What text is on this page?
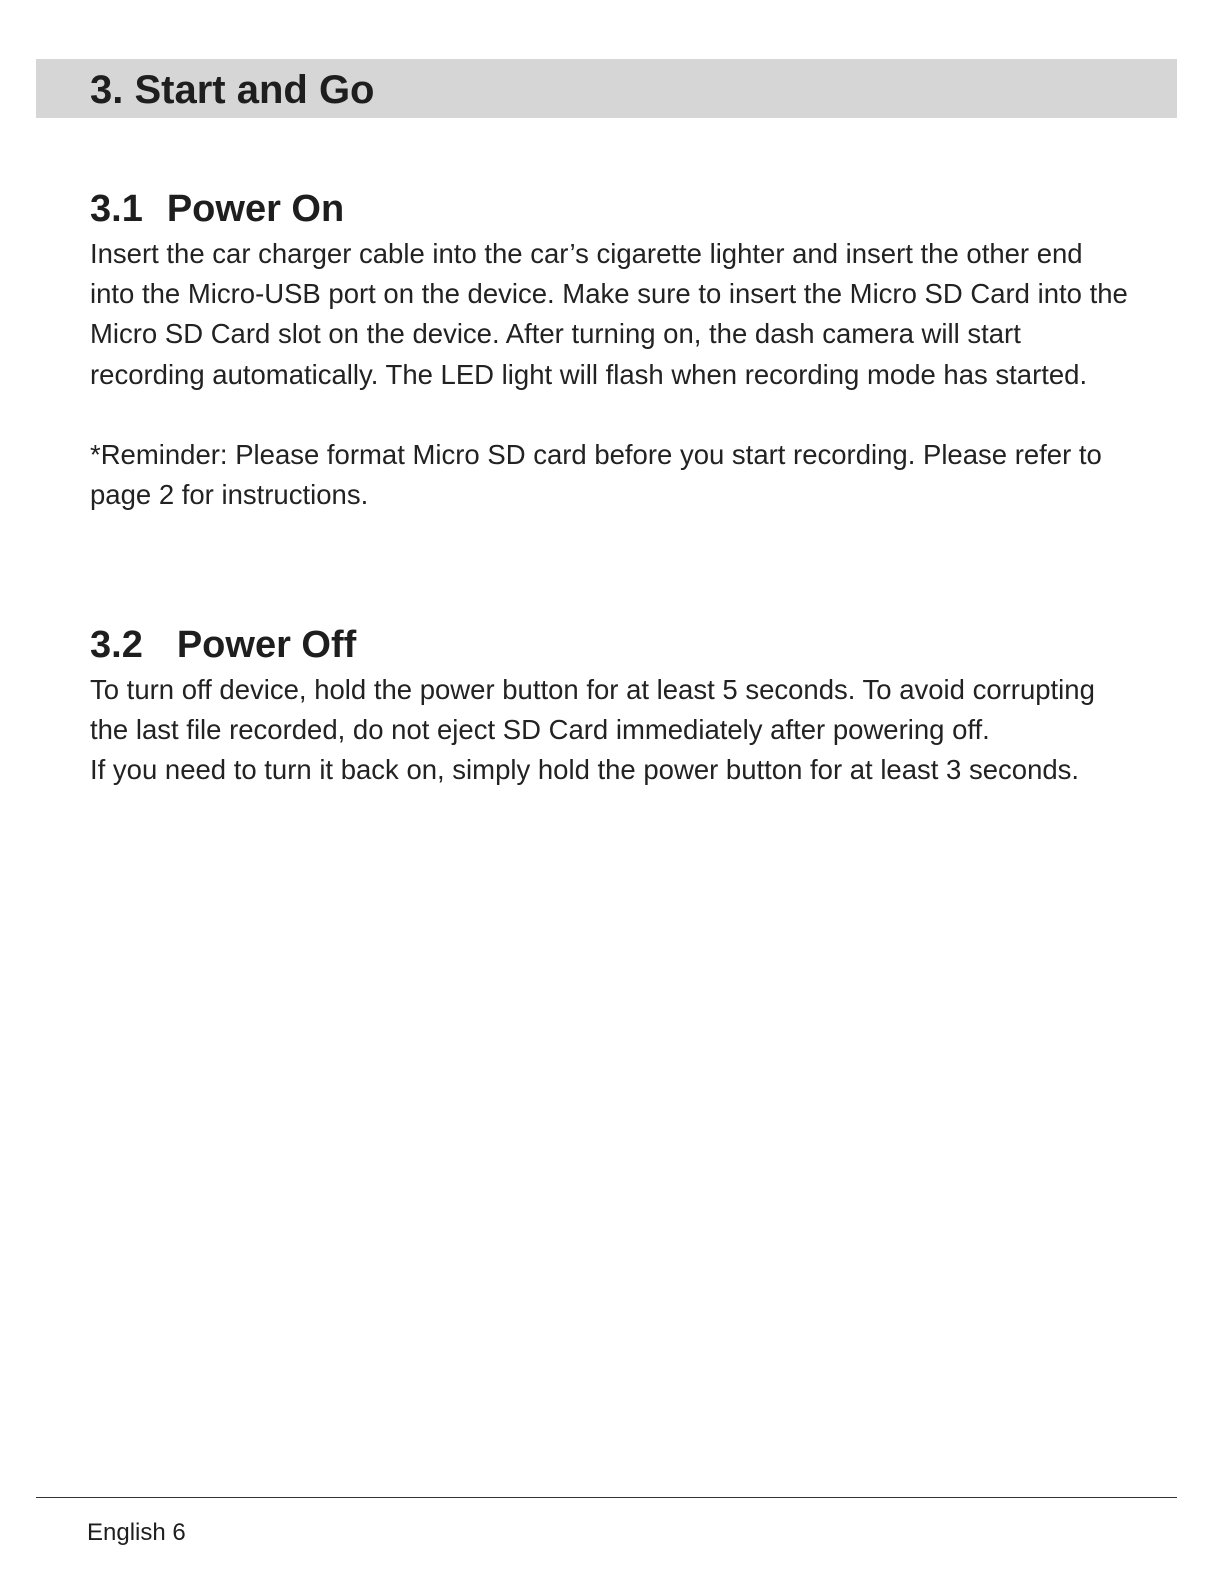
3. Start and Go
3.1 Power On

Insert the car charger cable into the car’s cigarette lighter and insert the other end into the Micro-USB port on the device. Make sure to insert the Micro SD Card into the Micro SD Card slot on the device. After turning on, the dash camera will start recording automatically. The LED light will flash when recording mode has started.

*Reminder: Please format Micro SD card before you start recording. Please refer to page 2 for instructions.

3.2 Power Off

To turn off device, hold the power button for at least 5 seconds. To avoid corrupting the last file recorded, do not eject SD Card immediately after powering off.

If you need to turn it back on, simply hold the power button for at least 3 seconds.

English 6
